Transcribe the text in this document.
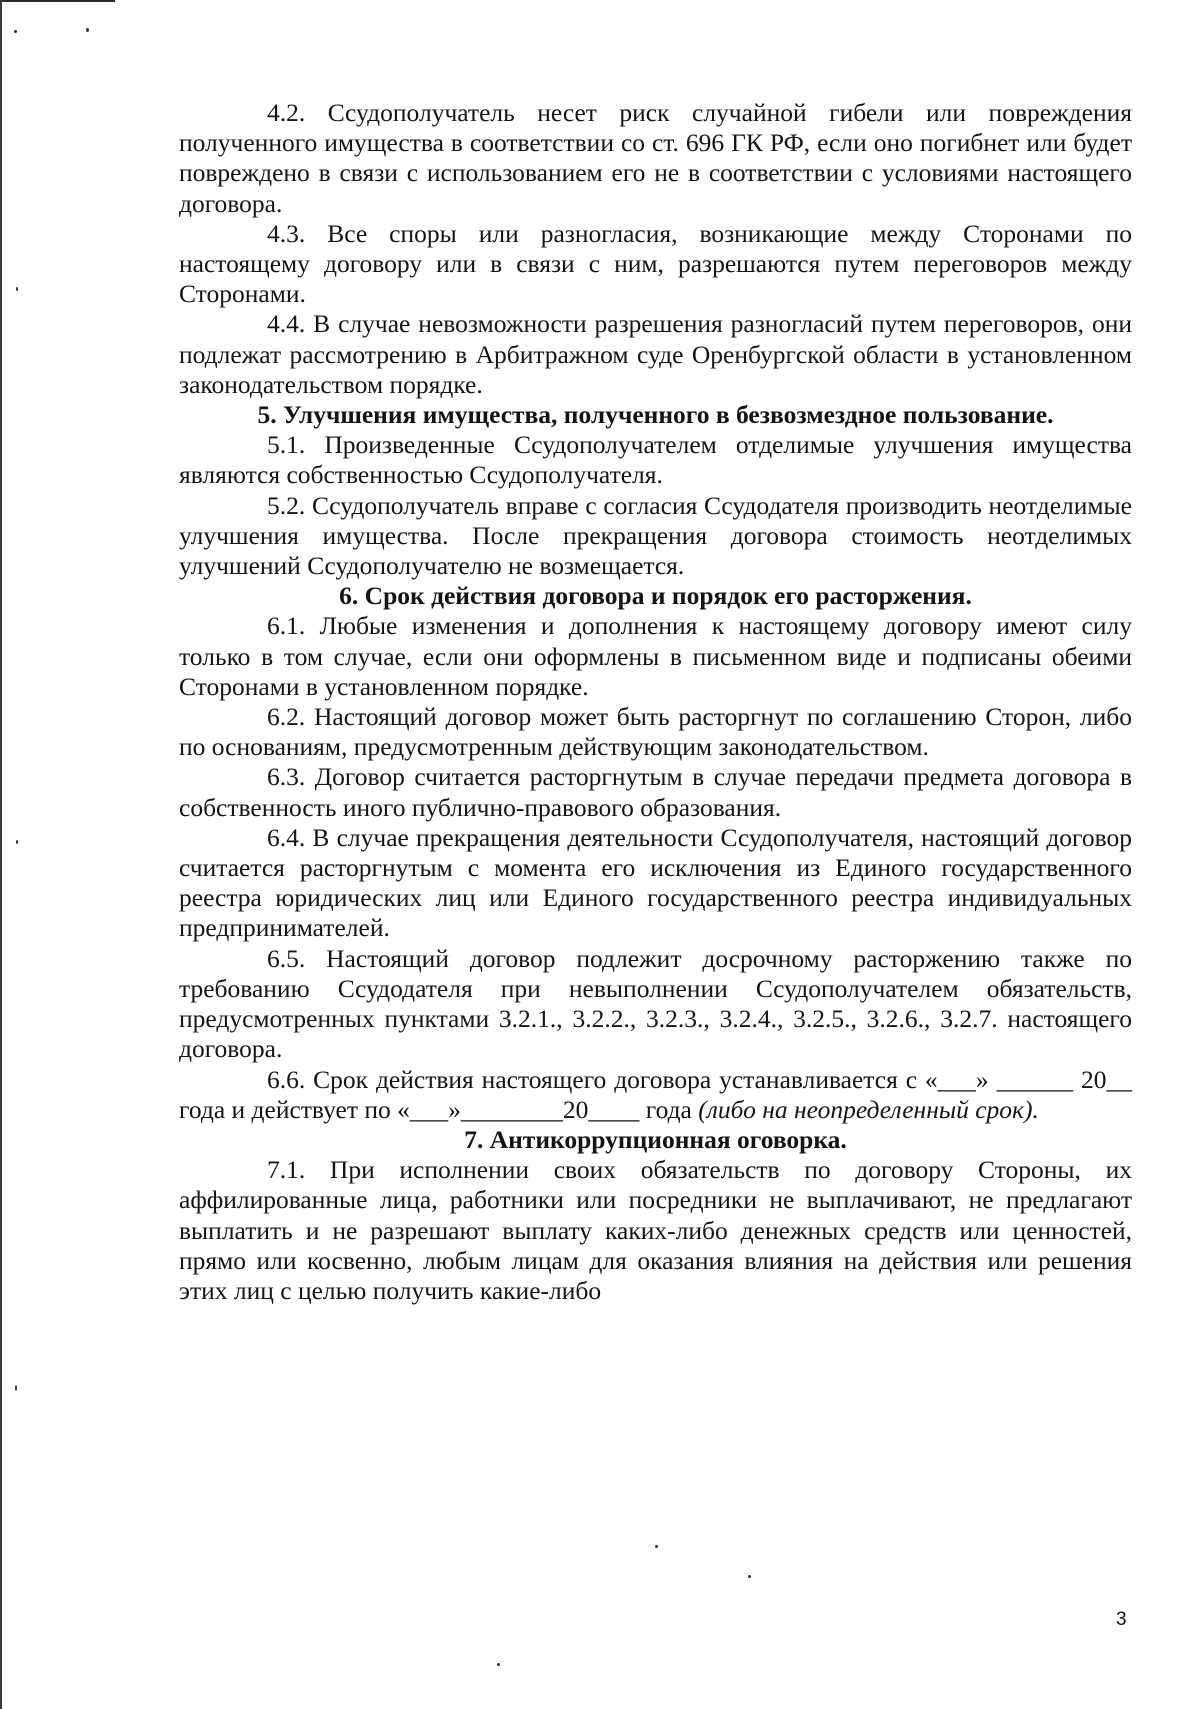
4.2. Ссудополучатель несет риск случайной гибели или повреждения полученного имущества в соответствии со ст. 696 ГК РФ, если оно погибнет или будет повреждено в связи с использованием его не в соответствии с условиями настоящего договора.

4.3. Все споры или разногласия, возникающие между Сторонами по настоящему договору или в связи с ним, разрешаются путем переговоров между Сторонами.

4.4. В случае невозможности разрешения разногласий путем переговоров, они подлежат рассмотрению в Арбитражном суде Оренбургской области в установленном законодательством порядке.

5. Улучшения имущества, полученного в безвозмездное пользование.

5.1. Произведенные Ссудополучателем отделимые улучшения имущества являются собственностью Ссудополучателя.

5.2. Ссудополучатель вправе с согласия Ссудодателя производить неотделимые улучшения имущества. После прекращения договора стоимость неотделимых улучшений Ссудополучателю не возмещается.

6. Срок действия договора и порядок его расторжения.

6.1. Любые изменения и дополнения к настоящему договору имеют силу только в том случае, если они оформлены в письменном виде и подписаны обеими Сторонами в установленном порядке.

6.2. Настоящий договор может быть расторгнут по соглашению Сторон, либо по основаниям, предусмотренным действующим законодательством.

6.3. Договор считается расторгнутым в случае передачи предмета договора в собственность иного публично-правового образования.

6.4. В случае прекращения деятельности Ссудополучателя, настоящий договор считается расторгнутым с момента его исключения из Единого государственного реестра юридических лиц или Единого государственного реестра индивидуальных предпринимателей.

6.5. Настоящий договор подлежит досрочному расторжению также по требованию Ссудодателя при невыполнении Ссудополучателем обязательств, предусмотренных пунктами 3.2.1., 3.2.2., 3.2.3., 3.2.4., 3.2.5., 3.2.6., 3.2.7. настоящего договора.

6.6. Срок действия настоящего договора устанавливается с «___» ______ 20__ года и действует по «___»________20____ года (либо на неопределенный срок).

7. Антикоррупционная оговорка.

7.1. При исполнении своих обязательств по договору Стороны, их аффилированные лица, работники или посредники не выплачивают, не предлагают выплатить и не разрешают выплату каких-либо денежных средств или ценностей, прямо или косвенно, любым лицам для оказания влияния на действия или решения этих лиц с целью получить какие-либо

3
